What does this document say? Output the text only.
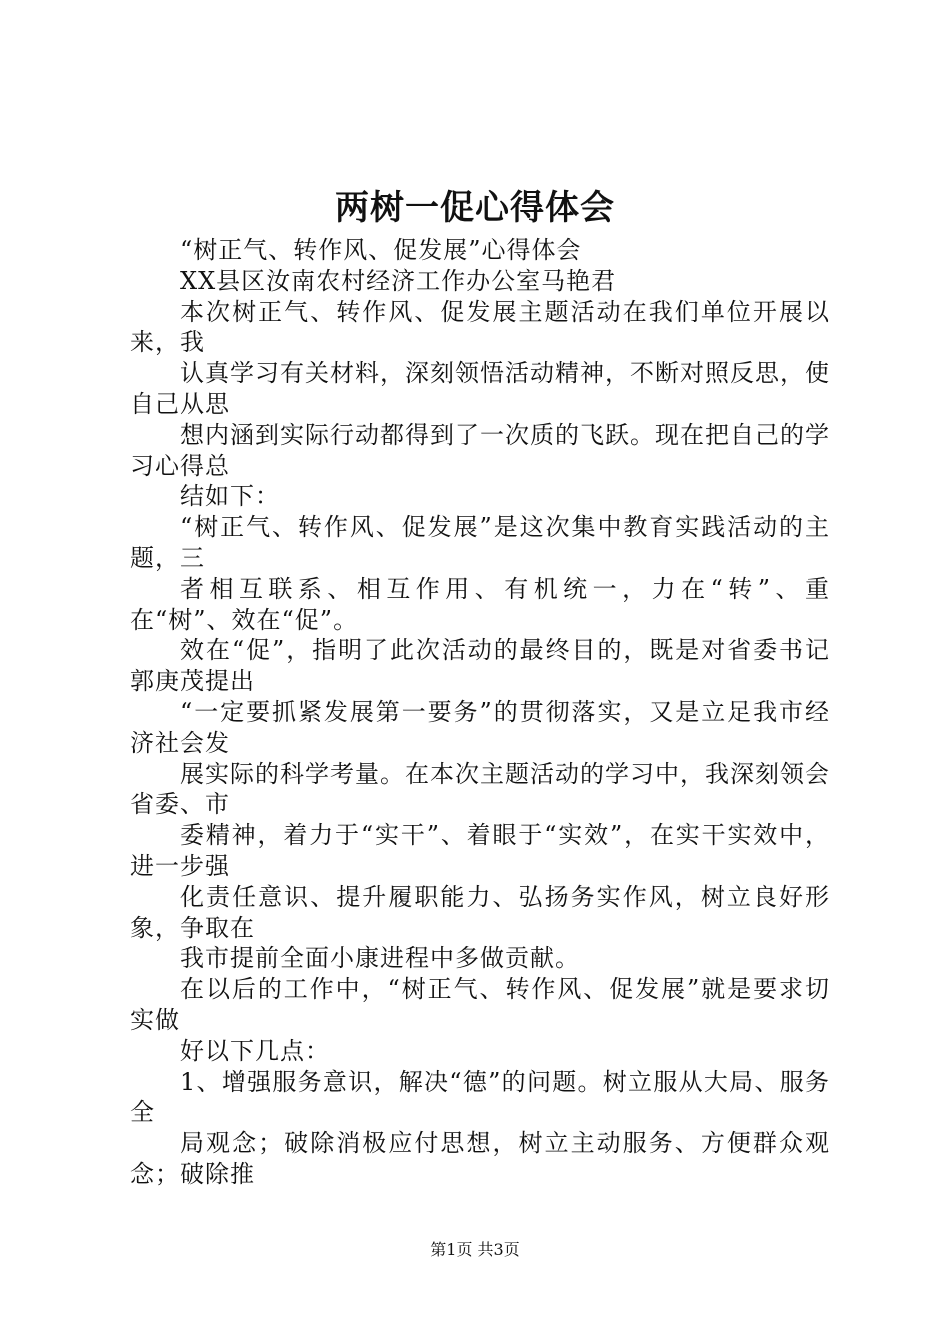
两树一促心得体会

“树正气、转作风、促发展”心得体会

XX县区汝南农村经济工作办公室马艳君

本次树正气、转作风、促发展主题活动在我们单位开展以来，我

认真学习有关材料，深刻领悟活动精神，不断对照反思，使自己从思

想内涵到实际行动都得到了一次质的飞跃。现在把自己的学习心得总

结如下：

“树正气、转作风、促发展”是这次集中教育实践活动的主题，三

者相互联系、相互作用、有机统一，力在“转”、重在“树”、效在“促”。

效在“促”，指明了此次活动的最终目的，既是对省委书记郭庚茂提出

“一定要抓紧发展第一要务”的贯彻落实，又是立足我市经济社会发

展实际的科学考量。在本次主题活动的学习中，我深刻领会省委、市

委精神，着力于“实干”、着眼于“实效”，在实干实效中，进一步强

化责任意识、提升履职能力、弘扬务实作风，树立良好形象，争取在

我市提前全面小康进程中多做贡献。

在以后的工作中，“树正气、转作风、促发展”就是要求切实做

好以下几点：

1、增强服务意识，解决“德”的问题。树立服从大局、服务全

局观念；破除消极应付思想，树立主动服务、方便群众观念；破除推

第1页 共3页
